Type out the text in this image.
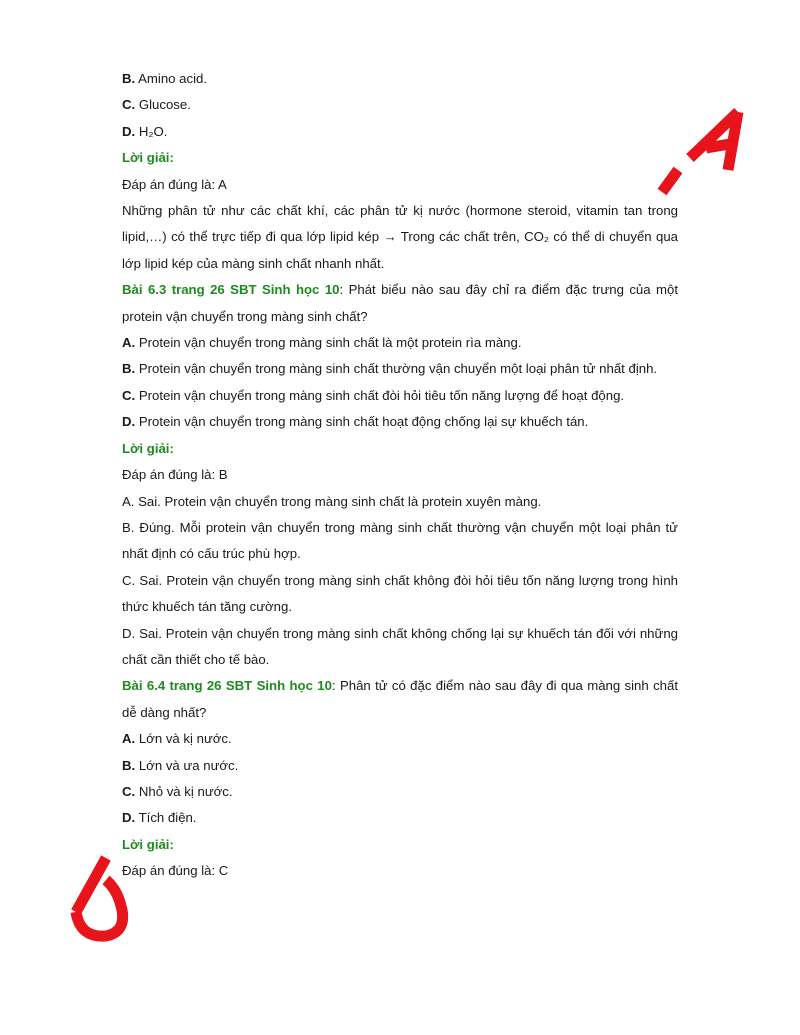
B. Amino acid.

C. Glucose.

D. H₂O.

Lời giải:

Đáp án đúng là: A

Những phân tử như các chất khí, các phân tử kị nước (hormone steroid, vitamin tan trong lipid,…) có thể trực tiếp đi qua lớp lipid kép → Trong các chất trên, CO₂ có thể di chuyển qua lớp lipid kép của màng sinh chất nhanh nhất.

Bài 6.3 trang 26 SBT Sinh học 10: Phát biểu nào sau đây chỉ ra điểm đặc trưng của một protein vận chuyển trong màng sinh chất?

A. Protein vận chuyển trong màng sinh chất là một protein rìa màng.

B. Protein vận chuyển trong màng sinh chất thường vận chuyển một loại phân tử nhất định.

C. Protein vận chuyển trong màng sinh chất đòi hỏi tiêu tốn năng lượng để hoạt động.

D. Protein vận chuyển trong màng sinh chất hoạt động chống lại sự khuếch tán.

Lời giải:

Đáp án đúng là: B

A. Sai. Protein vận chuyển trong màng sinh chất là protein xuyên màng.

B. Đúng. Mỗi protein vận chuyển trong màng sinh chất thường vận chuyển một loại phân tử nhất định có cấu trúc phù hợp.

C. Sai. Protein vận chuyển trong màng sinh chất không đòi hỏi tiêu tốn năng lượng trong hình thức khuếch tán tăng cường.

D. Sai. Protein vận chuyển trong màng sinh chất không chống lại sự khuếch tán đối với những chất cần thiết cho tế bào.

Bài 6.4 trang 26 SBT Sinh học 10: Phân tử có đặc điểm nào sau đây đi qua màng sinh chất dễ dàng nhất?

A. Lớn và kị nước.

B. Lớn và ưa nước.

C. Nhỏ và kị nước.

D. Tích điện.

Lời giải:

Đáp án đúng là: C
